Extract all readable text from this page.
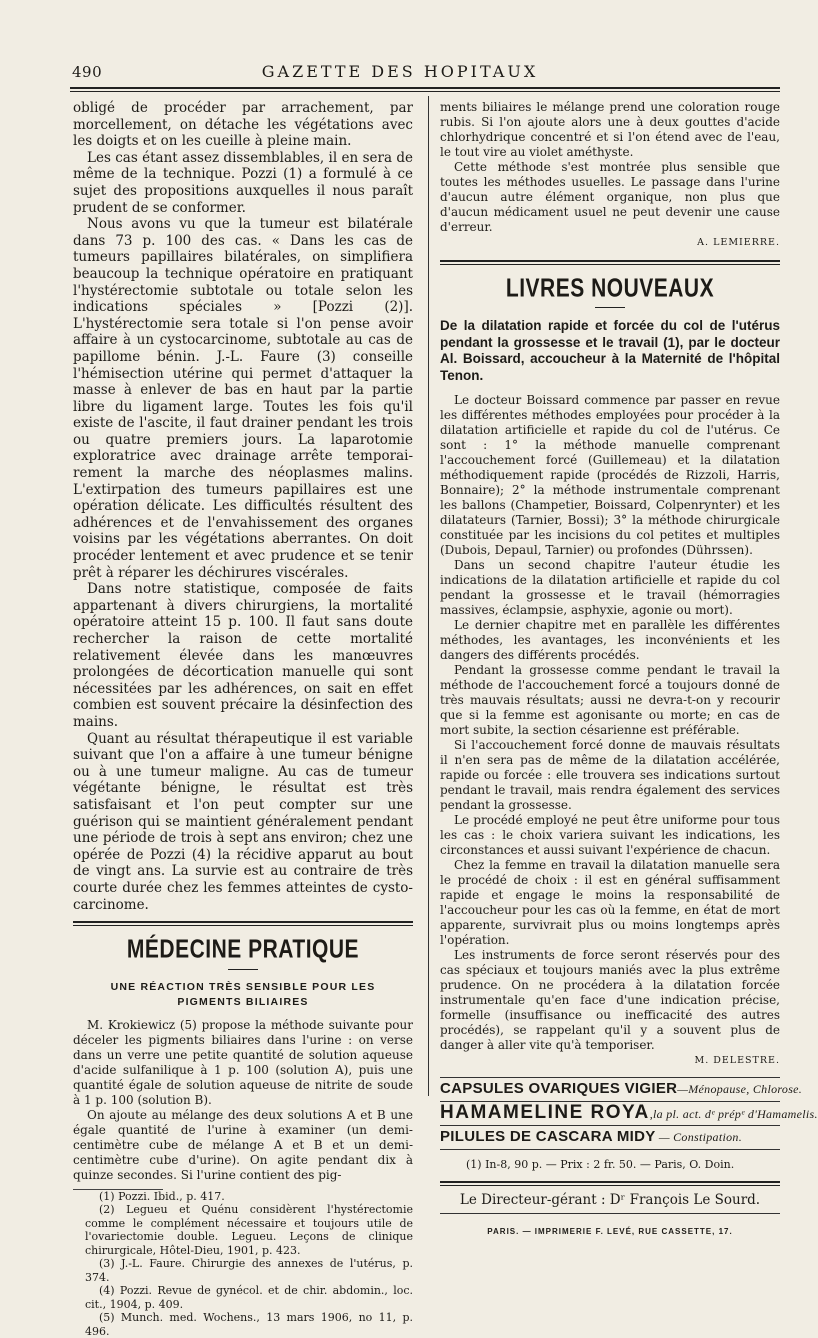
490	GAZETTE DES HOPITAUX

obligé de procéder par arrachement, par morcellement, on détache les végétations avec les doigts et on les cueille à pleine main.

Les cas étant assez dissemblables, il en sera de même de la technique. Pozzi (1) a formulé à ce sujet des propositions auxquelles il nous paraît prudent de se conformer.

Nous avons vu que la tumeur est bilatérale dans 73 p. 100 des cas. « Dans les cas de tumeurs papillaires bilatérales, on simplifiera beaucoup la technique opératoire en pratiquant l'hystérectomie subtotale ou totale selon les indications spéciales » [Pozzi (2)]. L'hystérectomie sera totale si l'on pense avoir affaire à un cystocarcinome, subtotale au cas de papillome bénin. J.-L. Faure (3) conseille l'hémisection utérine qui permet d'attaquer la masse à enlever de bas en haut par la partie libre du ligament large. Toutes les fois qu'il existe de l'ascite, il faut drainer pendant les trois ou quatre premiers jours. La laparotomie exploratrice avec drainage arrête temporairement la marche des néoplasmes malins. L'extirpation des tumeurs papillaires est une opération délicate. Les difficultés résultent des adhérences et de l'envahissement des organes voisins par les végétations aberrantes. On doit procéder lentement et avec prudence et se tenir prêt à réparer les déchirures viscérales.

Dans notre statistique, composée de faits appartenant à divers chirurgiens, la mortalité opératoire atteint 15 p. 100. Il faut sans doute rechercher la raison de cette mortalité relativement élevée dans les manœuvres prolongées de décortication manuelle qui sont nécessitées par les adhérences, on sait en effet combien est souvent précaire la désinfection des mains.

Quant au résultat thérapeutique il est variable suivant que l'on a affaire à une tumeur bénigne ou à une tumeur maligne. Au cas de tumeur végétante bénigne, le résultat est très satisfaisant et l'on peut compter sur une guérison qui se maintient généralement pendant une période de trois à sept ans environ; chez une opérée de Pozzi (4) la récidive apparut au bout de vingt ans. La survie est au contraire de très courte durée chez les femmes atteintes de cysto-carcinome.

MÉDECINE PRATIQUE
UNE RÉACTION TRÈS SENSIBLE POUR LES PIGMENTS BILIAIRES

M. Krokiewicz (5) propose la méthode suivante pour déceler les pigments biliaires dans l'urine : on verse dans un verre une petite quantité de solution aqueuse d'acide sulfanilique à 1 p. 100 (solution A), puis une quantité égale de solution aqueuse de nitrite de soude à 1 p. 100 (solution B).

On ajoute au mélange des deux solutions A et B une égale quantité de l'urine à examiner (un demi-centimètre cube de mélange A et B et un demi-centimètre cube d'urine). On agite pendant dix à quinze secondes. Si l'urine contient des pig-

(1) Pozzi. Ibid., p. 417.

(2) Legueu et Quénu considèrent l'hystérectomie comme le complément nécessaire et toujours utile de l'ovariectomie double. Legueu. Leçons de clinique chirurgicale, Hôtel-Dieu, 1901, p. 423.

(3) J.-L. Faure. Chirurgie des annexes de l'utérus, p. 374.

(4) Pozzi. Revue de gynécol. et de chir. abdomin., loc. cit., 1904, p. 409.

(5) Munch. med. Wochens., 13 mars 1906, no 11, p. 496.

ments biliaires le mélange prend une coloration rouge rubis. Si l'on ajoute alors une à deux gouttes d'acide chlorhydrique concentré et si l'on étend avec de l'eau, le tout vire au violet améthyste.

Cette méthode s'est montrée plus sensible que toutes les méthodes usuelles. Le passage dans l'urine d'aucun autre élément organique, non plus que d'aucun médicament usuel ne peut devenir une cause d'erreur.

A. LEMIERRE.
LIVRES NOUVEAUX

De la dilatation rapide et forcée du col de l'utérus pendant la grossesse et le travail (1), par le docteur Al. Boissard, accoucheur à la Maternité de l'hôpital Tenon.

Le docteur Boissard commence par passer en revue les différentes méthodes employées pour procéder à la dilatation artificielle et rapide du col de l'utérus. Ce sont : 1° la méthode manuelle comprenant l'accouchement forcé (Guillemeau) et la dilatation méthodiquement rapide (procédés de Rizzoli, Harris, Bonnaire); 2° la méthode instrumentale comprenant les ballons (Champetier, Boissard, Colpenrynter) et les dilatateurs (Tarnier, Bossi); 3° la méthode chirurgicale constituée par les incisions du col petites et multiples (Dubois, Depaul, Tarnier) ou profondes (Dührssen).

Dans un second chapitre l'auteur étudie les indications de la dilatation artificielle et rapide du col pendant la grossesse et le travail (hémorragies massives, éclampsie, asphyxie, agonie ou mort).

Le dernier chapitre met en parallèle les différentes méthodes, les avantages, les inconvénients et les dangers des différents procédés.

Pendant la grossesse comme pendant le travail la méthode de l'accouchement forcé a toujours donné de très mauvais résultats; aussi ne devra-t-on y recourir que si la femme est agonisante ou morte; en cas de mort subite, la section césarienne est préférable.

Si l'accouchement forcé donne de mauvais résultats il n'en sera pas de même de la dilatation accélérée, rapide ou forcée : elle trouvera ses indications surtout pendant le travail, mais rendra également des services pendant la grossesse.

Le procédé employé ne peut être uniforme pour tous les cas : le choix variera suivant les indications, les circonstances et aussi suivant l'expérience de chacun.

Chez la femme en travail la dilatation manuelle sera le procédé de choix : il est en général suffisamment rapide et engage le moins la responsabilité de l'accoucheur pour les cas où la femme, en état de mort apparente, survivrait plus ou moins longtemps après l'opération.

Les instruments de force seront réservés pour des cas spéciaux et toujours maniés avec la plus extrême prudence. On ne procédera à la dilatation forcée instrumentale qu'en face d'une indication précise, formelle (insuffisance ou inefficacité des autres procédés), se rappelant qu'il y a souvent plus de danger à aller vite qu'à temporiser.

M. DELESTRE.
CAPSULES OVARIQUES VIGIER—Ménopause, Chlorose.
HAMAMELINE ROYA,la pl. act. dᵉ prépᵉ d'Hamamelis.
PILULES DE CASCARA MIDY — Constipation.

(1) In-8, 90 p. — Prix : 2 fr. 50. — Paris, O. Doin.

Le Directeur-gérant : Dʳ François Le Sourd.
PARIS. — IMPRIMERIE F. LEVÉ, RUE CASSETTE, 17.
